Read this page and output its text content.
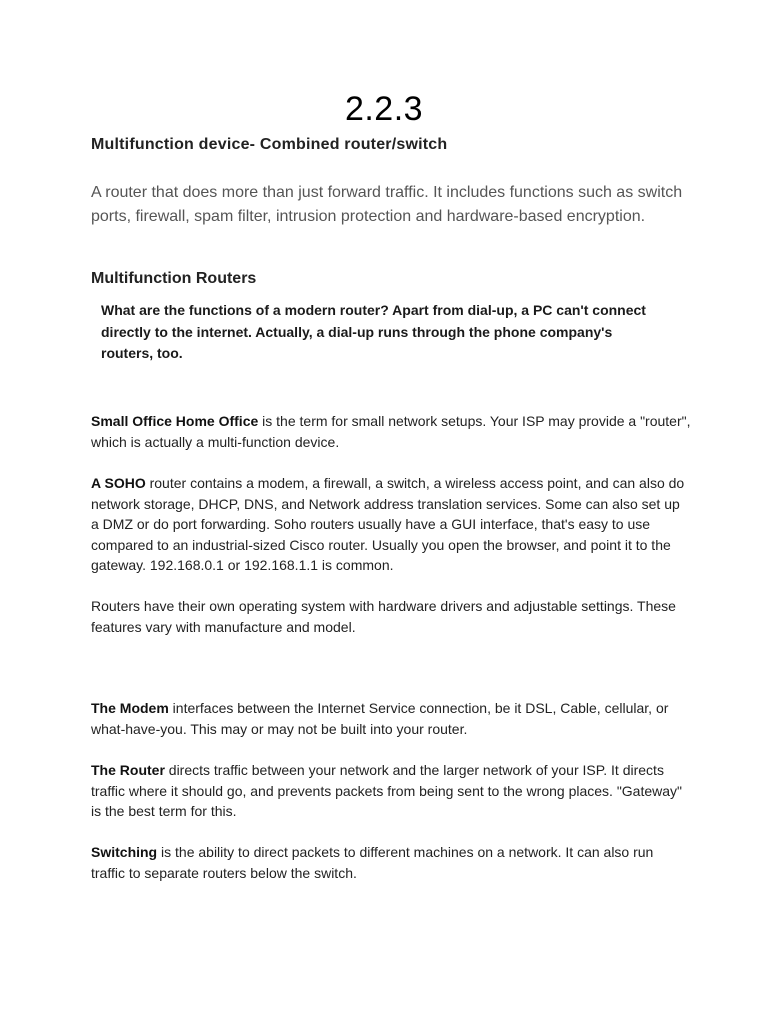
2.2.3
Multifunction device- Combined router/switch

A router that does more than just forward traffic. It includes functions such as switch ports, firewall, spam filter, intrusion protection and hardware-based encryption.

Multifunction Routers

What are the functions of a modern router? Apart from dial-up, a PC can't connect directly to the internet. Actually, a dial-up runs through the phone company's routers, too.

Small Office Home Office is the term for small network setups. Your ISP may provide a "router", which is actually a multi-function device.

A SOHO router contains a modem, a firewall, a switch, a wireless access point, and can also do network storage, DHCP, DNS, and Network address translation services. Some can also set up a DMZ or do port forwarding. Soho routers usually have a GUI interface, that's easy to use compared to an industrial-sized Cisco router. Usually you open the browser, and point it to the gateway. 192.168.0.1 or 192.168.1.1 is common.

Routers have their own operating system with hardware drivers and adjustable settings. These features vary with manufacture and model.

The Modem interfaces between the Internet Service connection, be it DSL, Cable, cellular, or what-have-you. This may or may not be built into your router.

The Router directs traffic between your network and the larger network of your ISP. It directs traffic where it should go, and prevents packets from being sent to the wrong places. "Gateway" is the best term for this.

Switching is the ability to direct packets to different machines on a network. It can also run traffic to separate routers below the switch.
